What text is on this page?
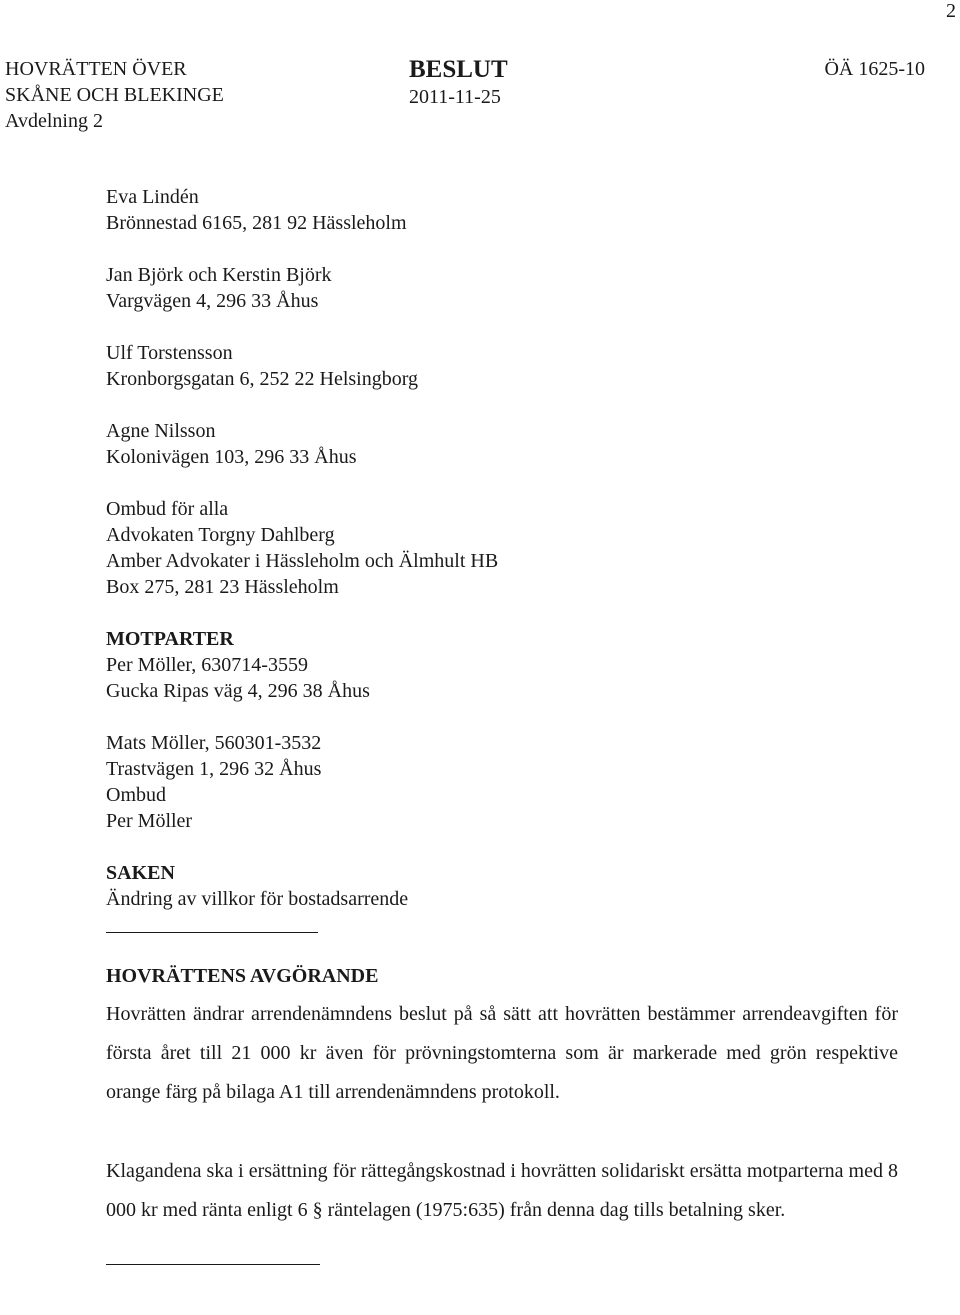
2
HOVRÄTTEN ÖVER
SKÅNE OCH BLEKINGE
Avdelning 2
BESLUT
2011-11-25
ÖÄ 1625-10
Eva Lindén
Brönnestad 6165, 281 92 Hässleholm
Jan Björk och Kerstin Björk
Vargvägen 4, 296 33 Åhus
Ulf Torstensson
Kronborgsgatan 6, 252 22 Helsingborg
Agne Nilsson
Kolonivägen 103, 296 33 Åhus
Ombud för alla
Advokaten Torgny Dahlberg
Amber Advokater i Hässleholm och Älmhult HB
Box 275, 281 23 Hässleholm
MOTPARTER
Per Möller, 630714-3559
Gucka Ripas väg 4, 296 38 Åhus
Mats Möller, 560301-3532
Trastvägen 1, 296 32 Åhus
Ombud
Per Möller
SAKEN
Ändring av villkor för bostadsarrende
HOVRÄTTENS AVGÖRANDE

Hovrätten ändrar arrendenämndens beslut på så sätt att hovrätten bestämmer arrendeavgiften för första året till 21 000 kr även för prövningstomterna som är markerade med grön respektive orange färg på bilaga A1 till arrendenämndens protokoll.

Klagandena ska i ersättning för rättegångskostnad i hovrätten solidariskt ersätta motparterna med 8 000 kr med ränta enligt 6 § räntelagen (1975:635) från denna dag tills betalning sker.
